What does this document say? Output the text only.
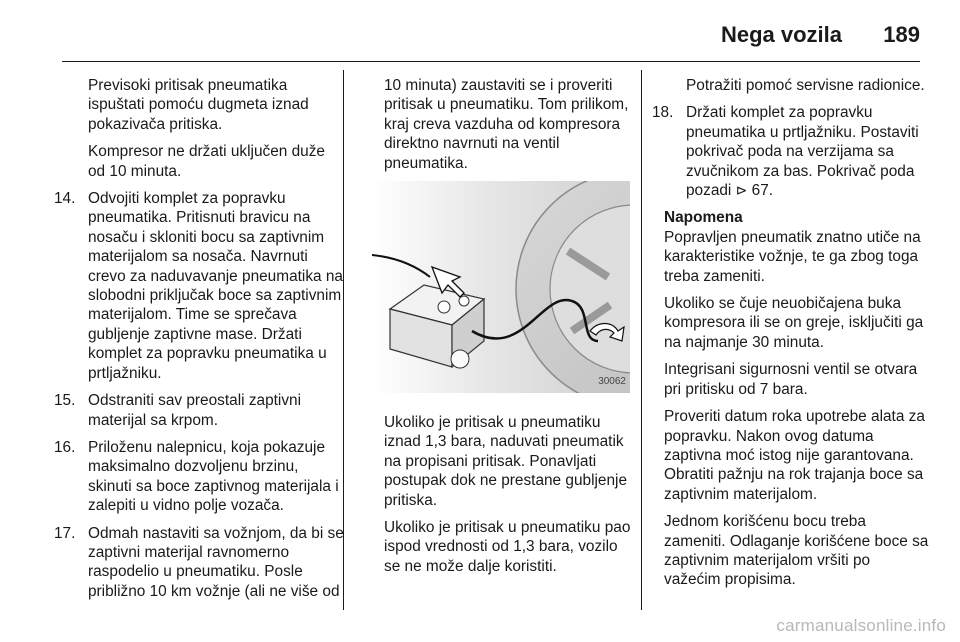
Nega vozila 189

Previsoki pritisak pneumatika ispuštati pomoću dugmeta iznad pokazivača pritiska.

Kompresor ne držati uključen duže od 10 minuta.

14. Odvojiti komplet za popravku pneumatika. Pritisnuti bravicu na nosaču i skloniti bocu sa zaptivnim materijalom sa nosača. Navrnuti crevo za naduvavanje pneumatika na slobodni priključak boce sa zaptivnim materijalom. Time se sprečava gubljenje zaptivne mase. Držati komplet za popravku pneumatika u prtljažniku.
15. Odstraniti sav preostali zaptivni materijal sa krpom.
16. Priloženu nalepnicu, koja pokazuje maksimalno dozvoljenu brzinu, skinuti sa boce zaptivnog materijala i zalepiti u vidno polje vozača.
17. Odmah nastaviti sa vožnjom, da bi se zaptivni materijal ravnomerno raspodelio u pneumatiku. Posle približno 10 km vožnje (ali ne više od

10 minuta) zaustaviti se i proveriti pritisak u pneumatiku. Tom prilikom, kraj creva vazduha od kompresora direktno navrnuti na ventil pneumatika.

30062

Ukoliko je pritisak u pneumatiku iznad 1,3 bara, naduvati pneumatik na propisani pritisak. Ponavljati postupak dok ne prestane gubljenje pritiska.

Ukoliko je pritisak u pneumatiku pao ispod vrednosti od 1,3 bara, vozilo se ne može dalje koristiti.

Potražiti pomoć servisne radionice.

18. Držati komplet za popravku pneumatika u prtljažniku. Postaviti pokrivač poda na verzijama sa zvučnikom za bas. Pokrivač poda pozadi ⊳ 67.

Napomena

Popravljen pneumatik znatno utiče na karakteristike vožnje, te ga zbog toga treba zameniti.

Ukoliko se čuje neuobičajena buka kompresora ili se on greje, isključiti ga na najmanje 30 minuta.

Integrisani sigurnosni ventil se otvara pri pritisku od 7 bara.

Proveriti datum roka upotrebe alata za popravku. Nakon ovog datuma zaptivna moć istog nije garantovana. Obratiti pažnju na rok trajanja boce sa zaptivnim materijalom.

Jednom korišćenu bocu treba zameniti. Odlaganje korišćene boce sa zaptivnim materijalom vršiti po važećim propisima.

carmanualsonline.info
